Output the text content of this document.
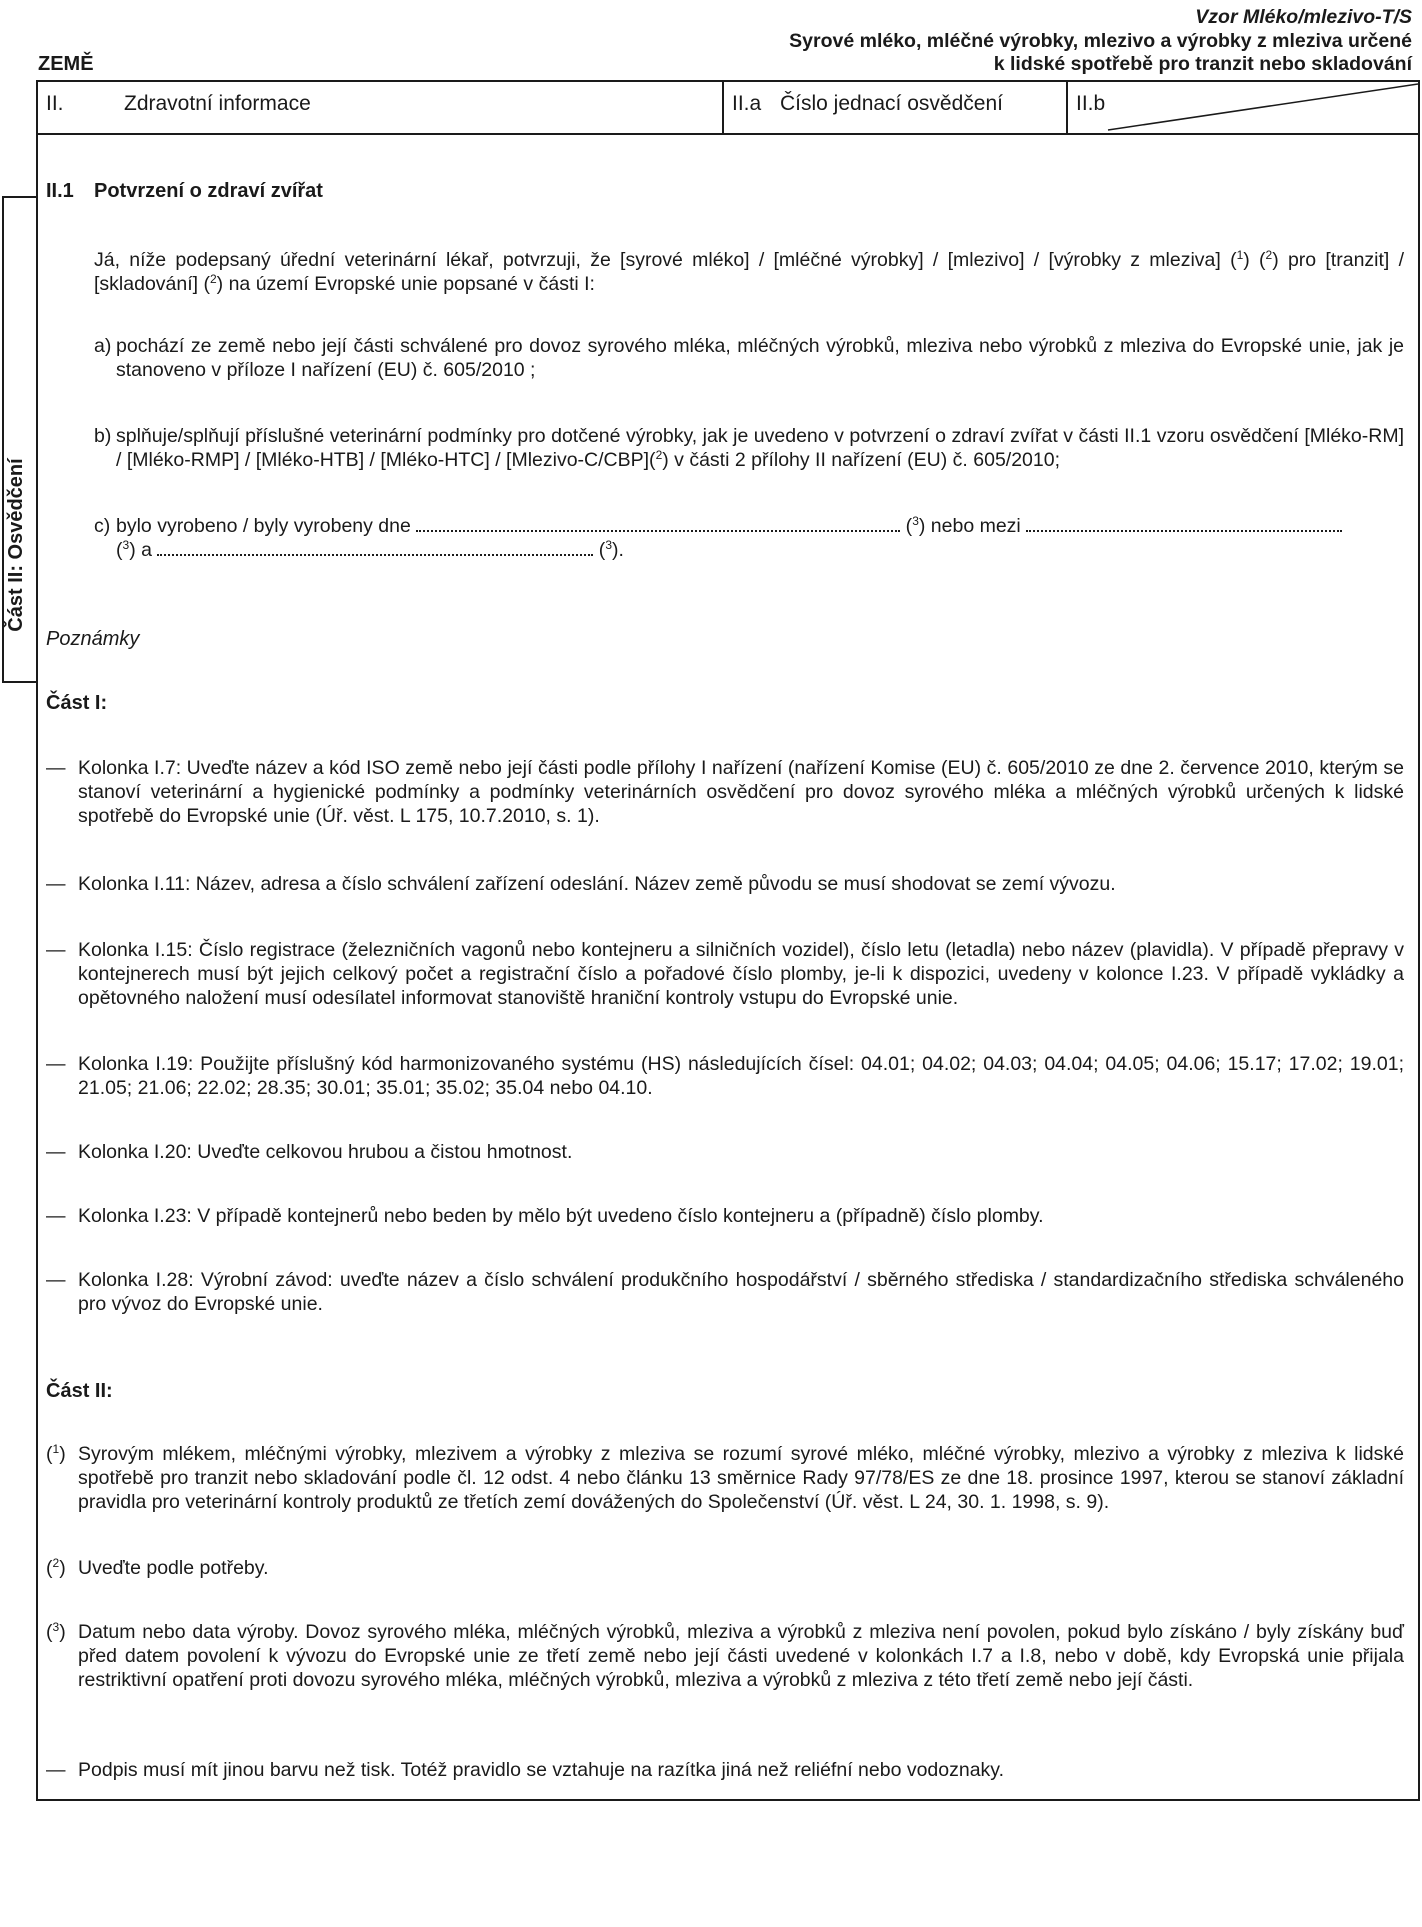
Vzor Mléko/mlezivo-T/S
Syrové mléko, mléčné výrobky, mlezivo a výrobky z mleziva určené
k lidské spotřebě pro tranzit nebo skladování
ZEMĚ
II.	Zdravotní informace	II.a Číslo jednací osvědčení	II.b
Část II: Osvědčení
II.1 Potvrzení o zdraví zvířat
Já, níže podepsaný úřední veterinární lékař, potvrzuji, že [syrové mléko] / [mléčné výrobky] / [mlezivo] / [výrobky z mleziva] ($^1$) ($^2$) pro [tranzit] / [skladování] ($^2$) na území Evropské unie popsané v části I:
a) pochází ze země nebo její části schválené pro dovoz syrového mléka, mléčných výrobků, mleziva nebo výrobků z mleziva do Evropské unie, jak je stanoveno v příloze I nařízení (EU) č. 605/2010 ;
b) splňuje/splňují příslušné veterinární podmínky pro dotčené výrobky, jak je uvedeno v potvrzení o zdraví zvířat v části II.1 vzoru osvědčení [Mléko-RM] / [Mléko-RMP] / [Mléko-HTB] / [Mléko-HTC] / [Mlezivo-C/CBP]($^2$) v části 2 přílohy II nařízení (EU) č. 605/2010;
c) bylo vyrobeno / byly vyrobeny dne	($^3$) nebo mezi
($^3$) a	($^3$).
Poznámky
Část I:
— Kolonka I.7: Uveďte název a kód ISO země nebo její části podle přílohy I nařízení (nařízení Komise (EU) č. 605/2010 ze dne 2. července 2010, kterým se stanoví veterinární a hygienické podmínky a podmínky veterinárních osvědčení pro dovoz syrového mléka a mléčných výrobků určených k lidské spotřebě do Evropské unie (Úř. věst. L 175, 10.7.2010, s. 1).
— Kolonka I.11: Název, adresa a číslo schválení zařízení odeslání. Název země původu se musí shodovat se zemí vývozu.
— Kolonka I.15: Číslo registrace (železničních vagonů nebo kontejneru a silničních vozidel), číslo letu (letadla) nebo název (plavidla). V případě přepravy v kontejnerech musí být jejich celkový počet a registrační číslo a pořadové číslo plomby, je-li k dispozici, uvedeny v kolonce I.23. V případě vykládky a opětovného naložení musí odesílatel informovat stanoviště hraniční kontroly vstupu do Evropské unie.
— Kolonka I.19: Použijte příslušný kód harmonizovaného systému (HS) následujících čísel: 04.01; 04.02; 04.03; 04.04; 04.05; 04.06; 15.17; 17.02; 19.01; 21.05; 21.06; 22.02; 28.35; 30.01; 35.01; 35.02; 35.04 nebo 04.10.
— Kolonka I.20: Uveďte celkovou hrubou a čistou hmotnost.
— Kolonka I.23: V případě kontejnerů nebo beden by mělo být uvedeno číslo kontejneru a (případně) číslo plomby.
— Kolonka I.28: Výrobní závod: uveďte název a číslo schválení produkčního hospodářství / sběrného střediska / standardizačního střediska schváleného pro vývoz do Evropské unie.
Část II:
($^1$) Syrovým mlékem, mléčnými výrobky, mlezivem a výrobky z mleziva se rozumí syrové mléko, mléčné výrobky, mlezivo a výrobky z mleziva k lidské spotřebě pro tranzit nebo skladování podle čl. 12 odst. 4 nebo článku 13 směrnice Rady 97/78/ES ze dne 18. prosince 1997, kterou se stanoví základní pravidla pro veterinární kontroly produktů ze třetích zemí dovážených do Společenství (Úř. věst. L 24, 30. 1. 1998, s. 9).
($^2$) Uveďte podle potřeby.
($^3$) Datum nebo data výroby. Dovoz syrového mléka, mléčných výrobků, mleziva a výrobků z mleziva není povolen, pokud bylo získáno / byly získány buď před datem povolení k vývozu do Evropské unie ze třetí země nebo její části uvedené v kolonkách I.7 a I.8, nebo v době, kdy Evropská unie přijala restriktivní opatření proti dovozu syrového mléka, mléčných výrobků, mleziva a výrobků z mleziva z této třetí země nebo její části.
— Podpis musí mít jinou barvu než tisk. Totéž pravidlo se vztahuje na razítka jiná než reliéfní nebo vodoznaky.
